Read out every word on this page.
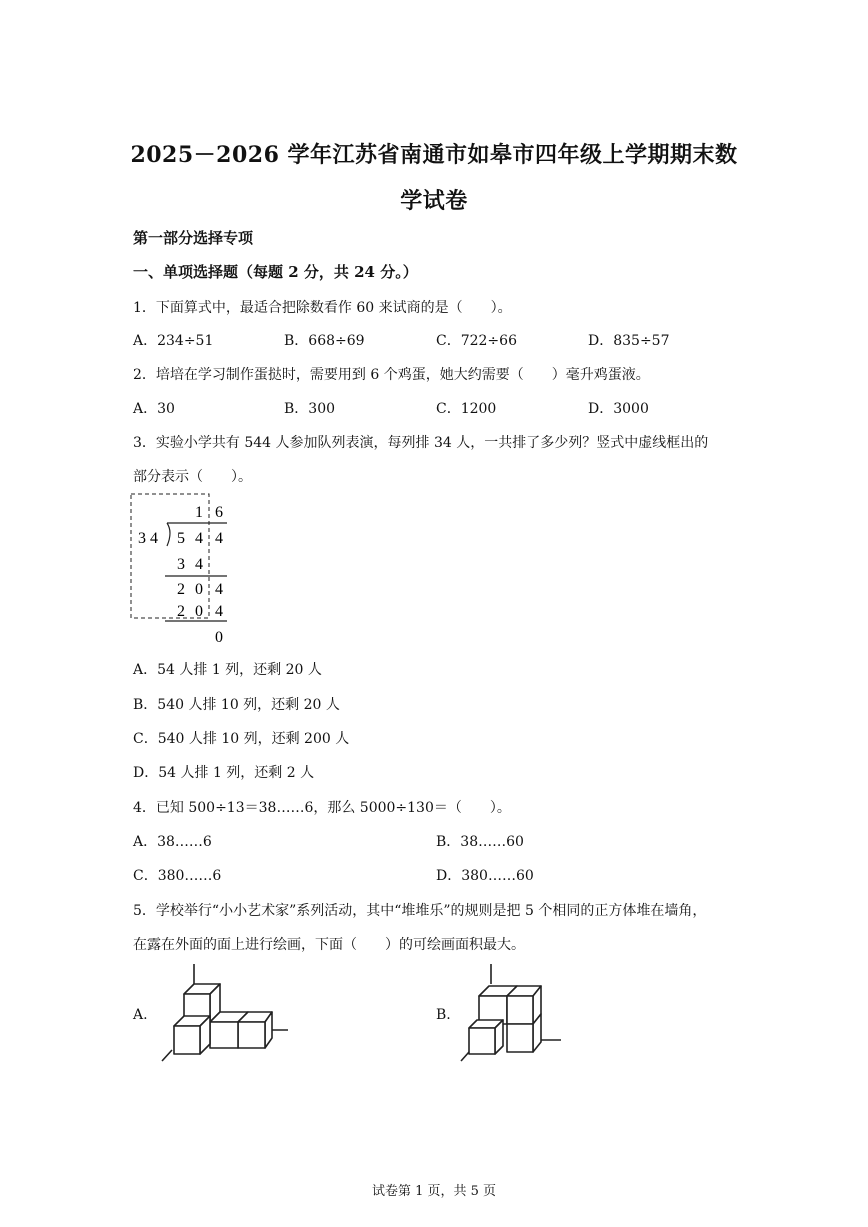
2025－2026 学年江苏省南通市如皋市四年级上学期期末数
学试卷
第一部分选择专项
一、单项选择题（每题 2 分，共 24 分。）
1．下面算式中，最适合把除数看作 60 来试商的是（　　）。
A．234÷51	B．668÷69	C．722÷66	D．835÷57
2．培培在学习制作蛋挞时，需要用到 6 个鸡蛋，她大约需要（　　）毫升鸡蛋液。
A．30	B．300	C．1200	D．3000
3．实验小学共有 544 人参加队列表演，每列排 34 人，一共排了多少列？竖式中虚线框出的
部分表示（　　）。
1 6
3 4 5 4 4
3 4
2 0 4
2 0 4
0
A．54 人排 1 列，还剩 20 人
B．540 人排 10 列，还剩 20 人
C．540 人排 10 列，还剩 200 人
D．54 人排 1 列，还剩 2 人
4．已知 500÷13＝38……6，那么 5000÷130＝（　　）。
A．38……6	B．38……60
C．380……6	D．380……60
5．学校举行“小小艺术家”系列活动，其中“堆堆乐”的规则是把 5 个相同的正方体堆在墙角，
在露在外面的面上进行绘画，下面（　　）的可绘画面积最大。
A.	B.
试卷第 1 页，共 5 页
